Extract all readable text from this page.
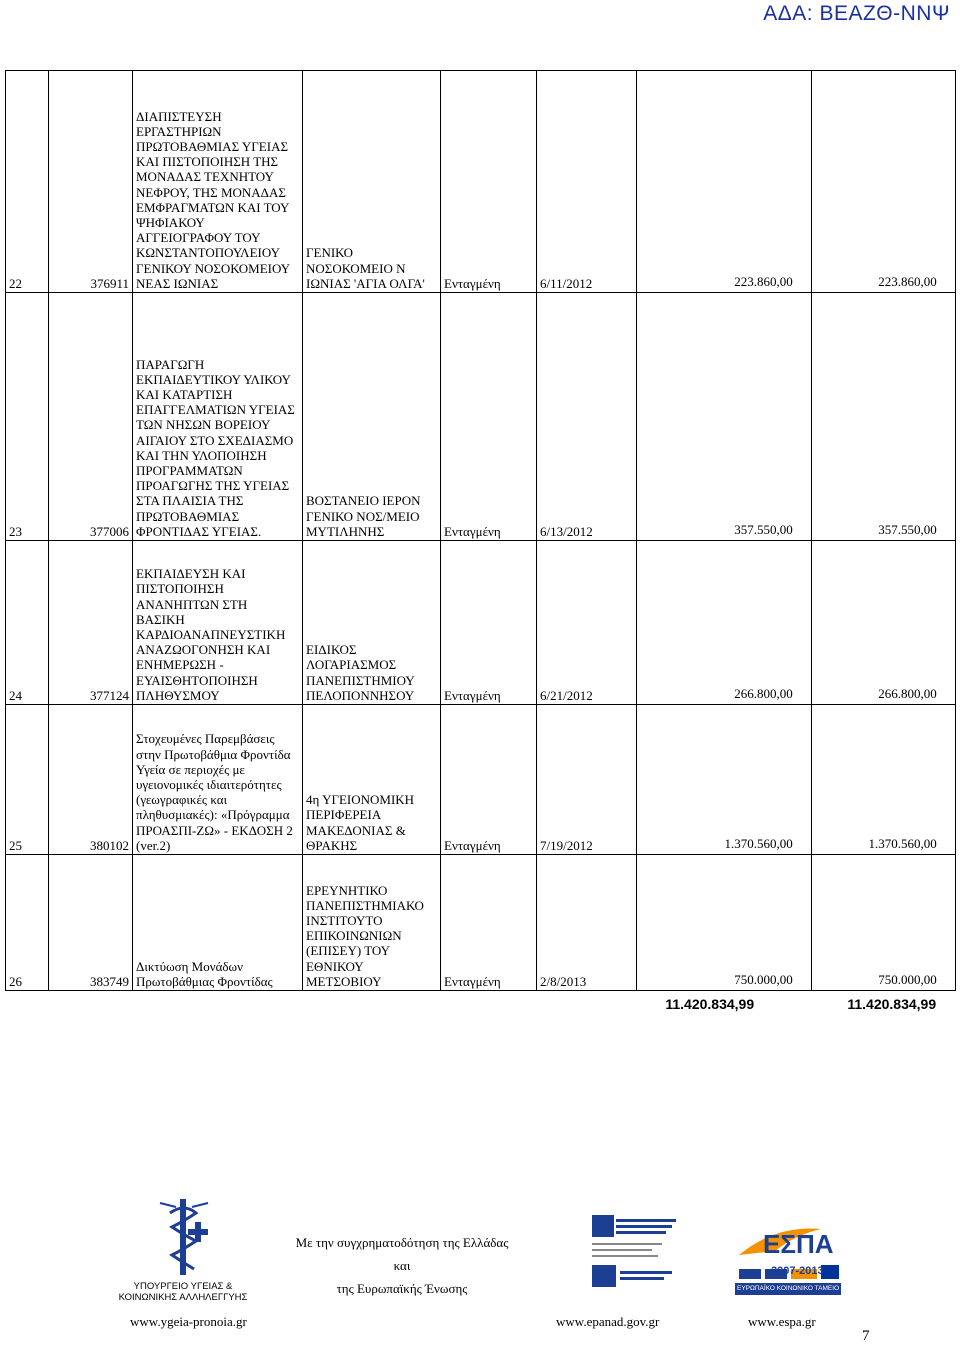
ΑΔΑ: ΒΕΑΖΘ-ΝΝΨ
22	376911	ΔΙΑΠΙΣΤΕΥΣΗ ΕΡΓΑΣΤΗΡΙΩΝ ΠΡΩΤΟΒΑΘΜΙΑΣ ΥΓΕΙΑΣ ΚΑΙ ΠΙΣΤΟΠΟΙΗΣΗ ΤΗΣ ΜΟΝΑΔΑΣ ΤΕΧΝΗΤΟΥ ΝΕΦΡΟΥ, ΤΗΣ ΜΟΝΑΔΑΣ ΕΜΦΡΑΓΜΑΤΩΝ ΚΑΙ ΤΟΥ ΨΗΦΙΑΚΟΥ ΑΓΓΕΙΟΓΡΑΦΟΥ ΤΟΥ ΚΩΝΣΤΑΝΤΟΠΟΥΛΕΙΟΥ ΓΕΝΙΚΟΥ ΝΟΣΟΚΟΜΕΙΟΥ ΝΕΑΣ ΙΩΝΙΑΣ	ΓΕΝΙΚΟ ΝΟΣΟΚΟΜΕΙΟ Ν ΙΩΝΙΑΣ 'ΑΓΙΑ ΟΛΓΑ'	Ενταγμένη	6/11/2012	223.860,00 €	223.860,00 €
23	377006	ΠΑΡΑΓΩΓΗ ΕΚΠΑΙΔΕΥΤΙΚΟΥ ΥΛΙΚΟΥ ΚΑΙ ΚΑΤΑΡΤΙΣΗ ΕΠΑΓΓΕΛΜΑΤΙΩΝ ΥΓΕΙΑΣ ΤΩΝ ΝΗΣΩΝ ΒΟΡΕΙΟΥ ΑΙΓΑΙΟΥ ΣΤΟ ΣΧΕΔΙΑΣΜΟ ΚΑΙ ΤΗΝ ΥΛΟΠΟΙΗΣΗ ΠΡΟΓΡΑΜΜΑΤΩΝ ΠΡΟΑΓΩΓΗΣ ΤΗΣ ΥΓΕΙΑΣ ΣΤΑ ΠΛΑΙΣΙΑ ΤΗΣ ΠΡΩΤΟΒΑΘΜΙΑΣ ΦΡΟΝΤΙΔΑΣ ΥΓΕΙΑΣ.	ΒΟΣΤΑΝΕΙΟ ΙΕΡΟΝ ΓΕΝΙΚΟ ΝΟΣ/ΜΕΙΟ ΜΥΤΙΛΗΝΗΣ	Ενταγμένη	6/13/2012	357.550,00 €	357.550,00 €
24	377124	ΕΚΠΑΙΔΕΥΣΗ ΚΑΙ ΠΙΣΤΟΠΟΙΗΣΗ ΑΝΑΝΗΠΤΩΝ ΣΤΗ ΒΑΣΙΚΗ ΚΑΡΔΙΟΑΝΑΠΝΕΥΣΤΙΚΗ ΑΝΑΖΩΟΓΟΝΗΣΗ ΚΑΙ ΕΝΗΜΕΡΩΣΗ - ΕΥΑΙΣΘΗΤΟΠΟΙΗΣΗ ΠΛΗΘΥΣΜΟΥ	ΕΙΔΙΚΟΣ ΛΟΓΑΡΙΑΣΜΟΣ ΠΑΝΕΠΙΣΤΗΜΙΟΥ ΠΕΛΟΠΟΝΝΗΣΟΥ	Ενταγμένη	6/21/2012	266.800,00 €	266.800,00 €
25	380102	Στοχευμένες Παρεμβάσεις στην Πρωτοβάθμια Φροντίδα Υγεία σε περιοχές με υγειονομικές ιδιαιτερότητες (γεωγραφικές και πληθυσμιακές): «Πρόγραμμα ΠΡΟΑΣΠΙ-ΖΩ» - ΕΚΔΟΣΗ 2 (ver.2)	4η ΥΓΕΙΟΝΟΜΙΚΗ ΠΕΡΙΦΕΡΕΙΑ ΜΑΚΕΔΟΝΙΑΣ & ΘΡΑΚΗΣ	Ενταγμένη	7/19/2012	1.370.560,00 €	1.370.560,00 €
26	383749	Δικτύωση Μονάδων Πρωτοβάθμιας Φροντίδας	ΕΡΕΥΝΗΤΙΚΟ ΠΑΝΕΠΙΣΤΗΜΙΑΚΟ ΙΝΣΤΙΤΟΥΤΟ ΕΠΙΚΟΙΝΩΝΙΩΝ (ΕΠΙΣΕΥ) ΤΟΥ ΕΘΝΙΚΟΥ ΜΕΤΣΟΒΙΟΥ	Ενταγμένη	2/8/2013	750.000,00 €	750.000,00 €
11.420.834,99 €	11.420.834,99 €
ΥΠΟΥΡΓΕΙΟ ΥΓΕΙΑΣ & ΚΟΙΝΩΝΙΚΗΣ ΑΛΛΗΛΕΓΓΥΗΣ
Με την συγχρηματοδότηση της Ελλάδας
και
της Ευρωπαϊκής Ένωσης
ΕΣΠΑ
2007-2013
ΕΥΡΩΠΑΪΚΟ ΚΟΙΝΩΝΙΚΟ ΤΑΜΕΙΟ
www.ygeia-pronoia.gr	www.epanad.gov.gr	www.espa.gr
7
